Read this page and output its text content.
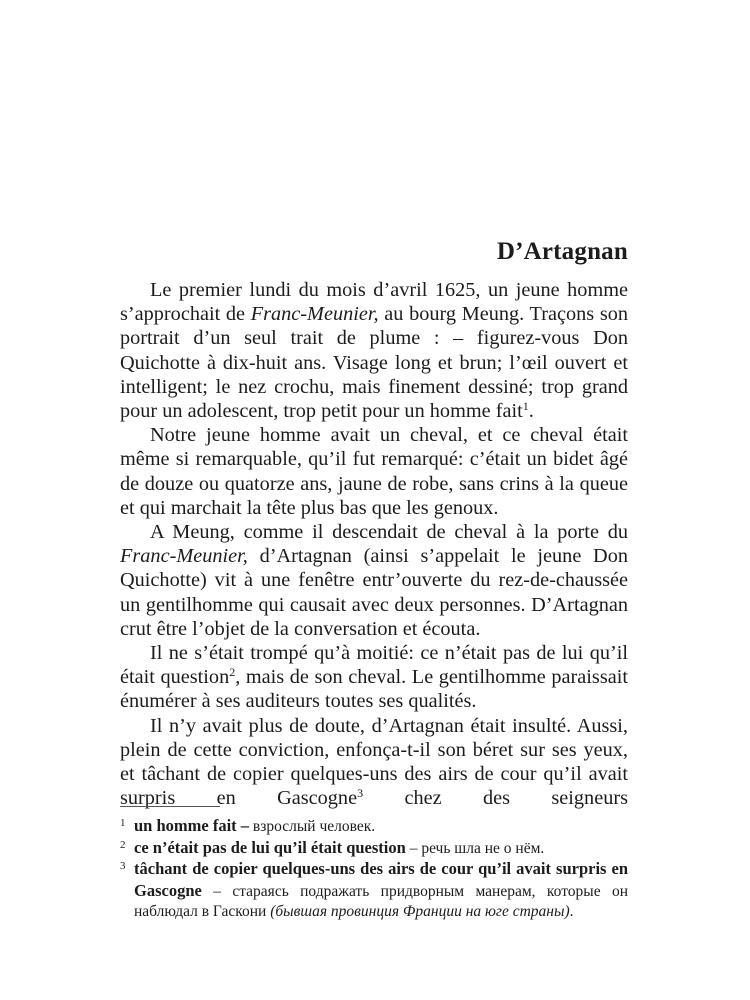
D’Artagnan

Le premier lundi du mois d’avril 1625, un jeune homme s’approchait de Franc-Meunier, au bourg Meung. Traçons son portrait d’un seul trait de plume : – figurez-vous Don Quichotte à dix-huit ans. Visage long et brun; l’œil ouvert et intelligent; le nez crochu, mais finement dessiné; trop grand pour un adolescent, trop petit pour un homme fait$^1$.

Notre jeune homme avait un cheval, et ce cheval était même si remarquable, qu’il fut remarqué: c’était un bidet âgé de douze ou quatorze ans, jaune de robe, sans crins à la queue et qui marchait la tête plus bas que les genoux.

A Meung, comme il descendait de cheval à la porte du Franc-Meunier, d’Artagnan (ainsi s’appelait le jeune Don Quichotte) vit à une fenêtre entr’ouverte du rez-de-chaussée un gentilhomme qui causait avec deux personnes. D’Artagnan crut être l’objet de la conversation et écouta.

Il ne s’était trompé qu’à moitié: ce n’était pas de lui qu’il était question$^2$, mais de son cheval. Le gentilhomme paraissait énumérer à ses auditeurs toutes ses qualités.

Il n’y avait plus de doute, d’Artagnan était insulté. Aussi, plein de cette conviction, enfonça-t-il son béret sur ses yeux, et tâchant de copier quelques-uns des airs de cour qu’il avait surpris en Gascogne$^3$ chez des seigneurs

1 un homme fait – взрослый человек.
2 ce n’était pas de lui qu’il était question – речь шла не о нём.
3 tâchant de copier quelques-uns des airs de cour qu’il avait surpris en Gascogne – стараясь подражать придворным манерам, которые он наблюдал в Гаскони (бывшая провинция Франции на юге страны).
